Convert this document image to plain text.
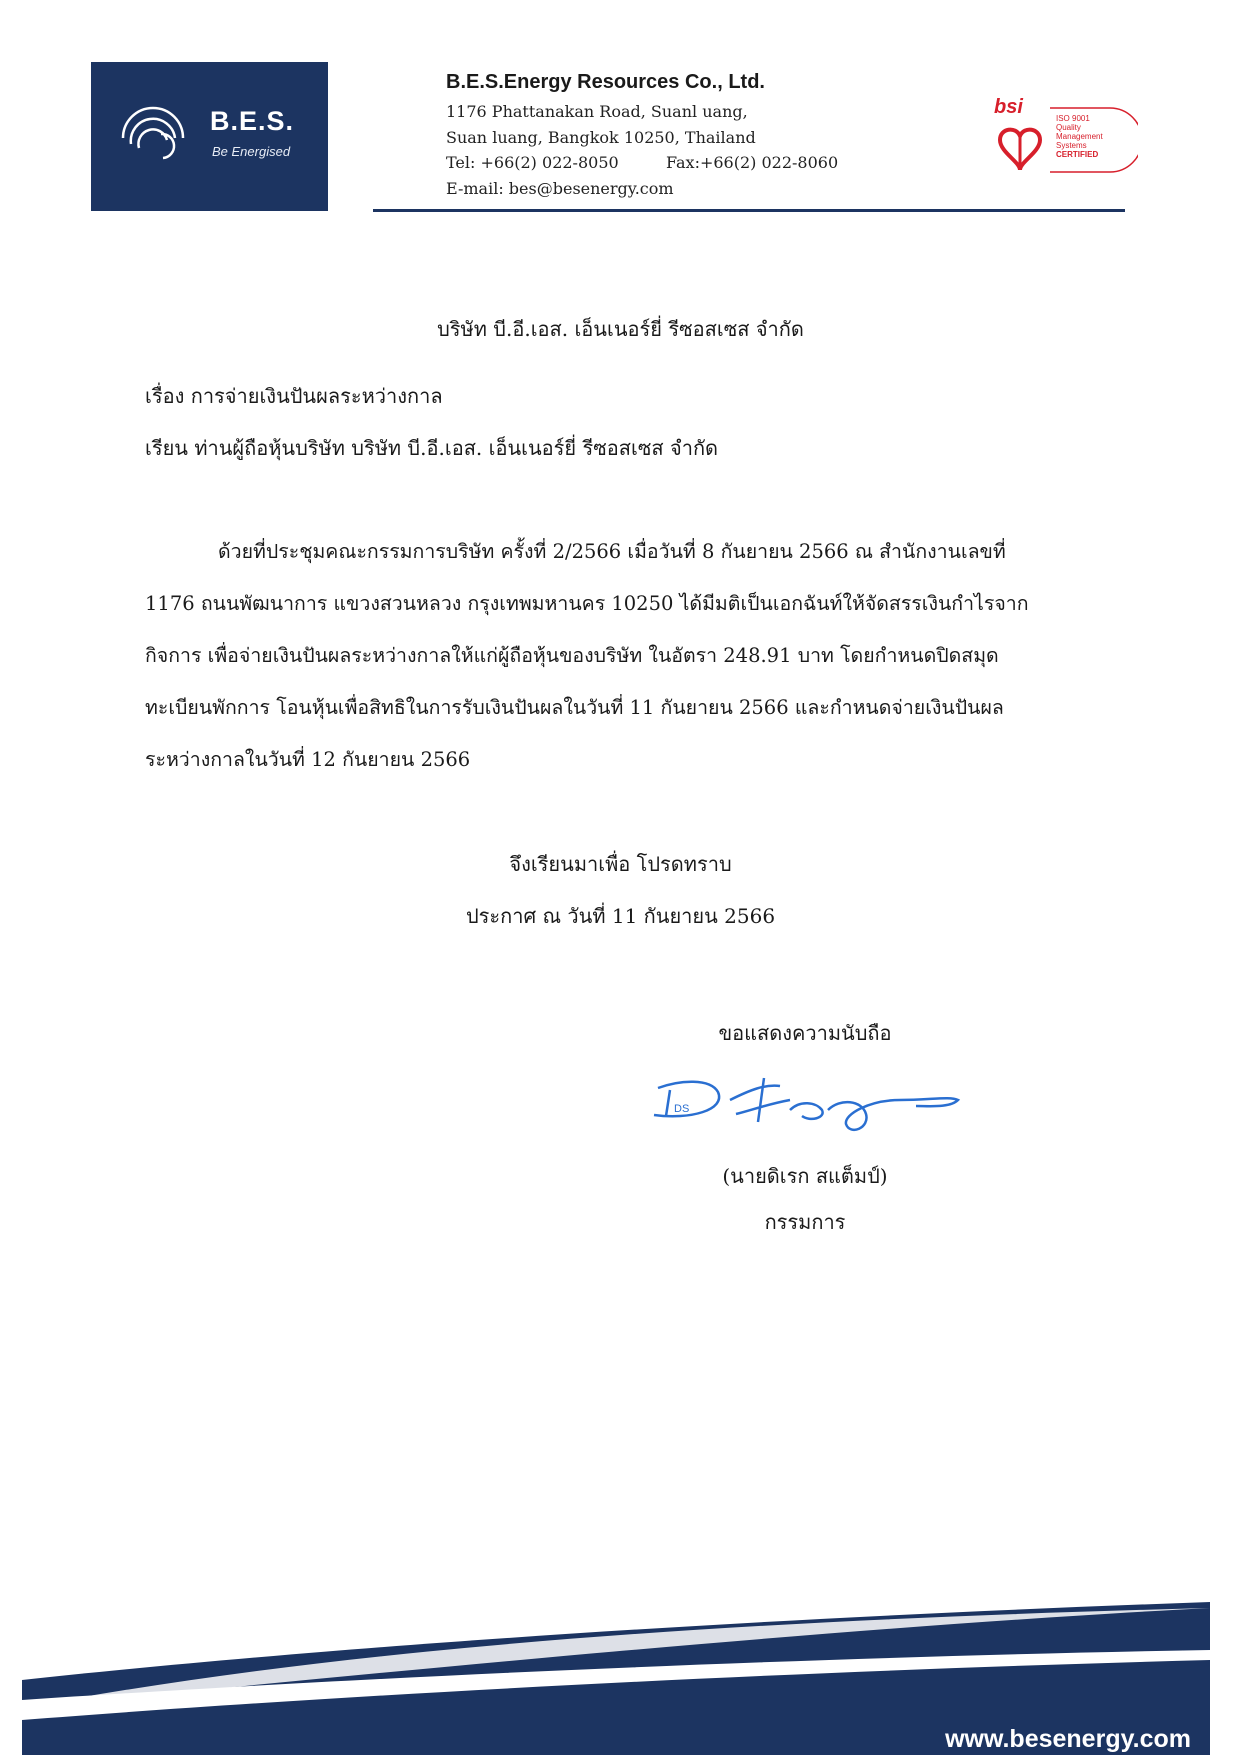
B.E.S.
Be Energised
B.E.S.Energy Resources Co., Ltd.
1176 Phattanakan Road, Suanl uang,
Suan luang, Bangkok 10250, Thailand
Tel: +66(2) 022-8050	Fax:+66(2) 022-8060
E-mail: bes@besenergy.com
bsi
ISO 9001
Quality
Management
Systems
CERTIFIED
บริษัท บี.อี.เอส. เอ็นเนอร์ยี่ รีซอสเซส จำกัด
เรื่อง การจ่ายเงินปันผลระหว่างกาล
เรียน ท่านผู้ถือหุ้นบริษัท บริษัท บี.อี.เอส. เอ็นเนอร์ยี่ รีซอสเซส จำกัด
ด้วยที่ประชุมคณะกรรมการบริษัท ครั้งที่ 2/2566 เมื่อวันที่ 8 กันยายน 2566 ณ สำนักงานเลขที่
1176 ถนนพัฒนาการ แขวงสวนหลวง กรุงเทพมหานคร 10250 ได้มีมติเป็นเอกฉันท์ให้จัดสรรเงินกำไรจาก
กิจการ เพื่อจ่ายเงินปันผลระหว่างกาลให้แก่ผู้ถือหุ้นของบริษัท ในอัตรา 248.91 บาท โดยกำหนดปิดสมุด
ทะเบียนพักการ โอนหุ้นเพื่อสิทธิในการรับเงินปันผลในวันที่ 11 กันยายน 2566 และกำหนดจ่ายเงินปันผล
ระหว่างกาลในวันที่ 12 กันยายน 2566
จึงเรียนมาเพื่อ โปรดทราบ
ประกาศ ณ วันที่ 11 กันยายน 2566
ขอแสดงความนับถือ
DS
(นายดิเรก สแต็มป์)
กรรมการ
www.besenergy.com
